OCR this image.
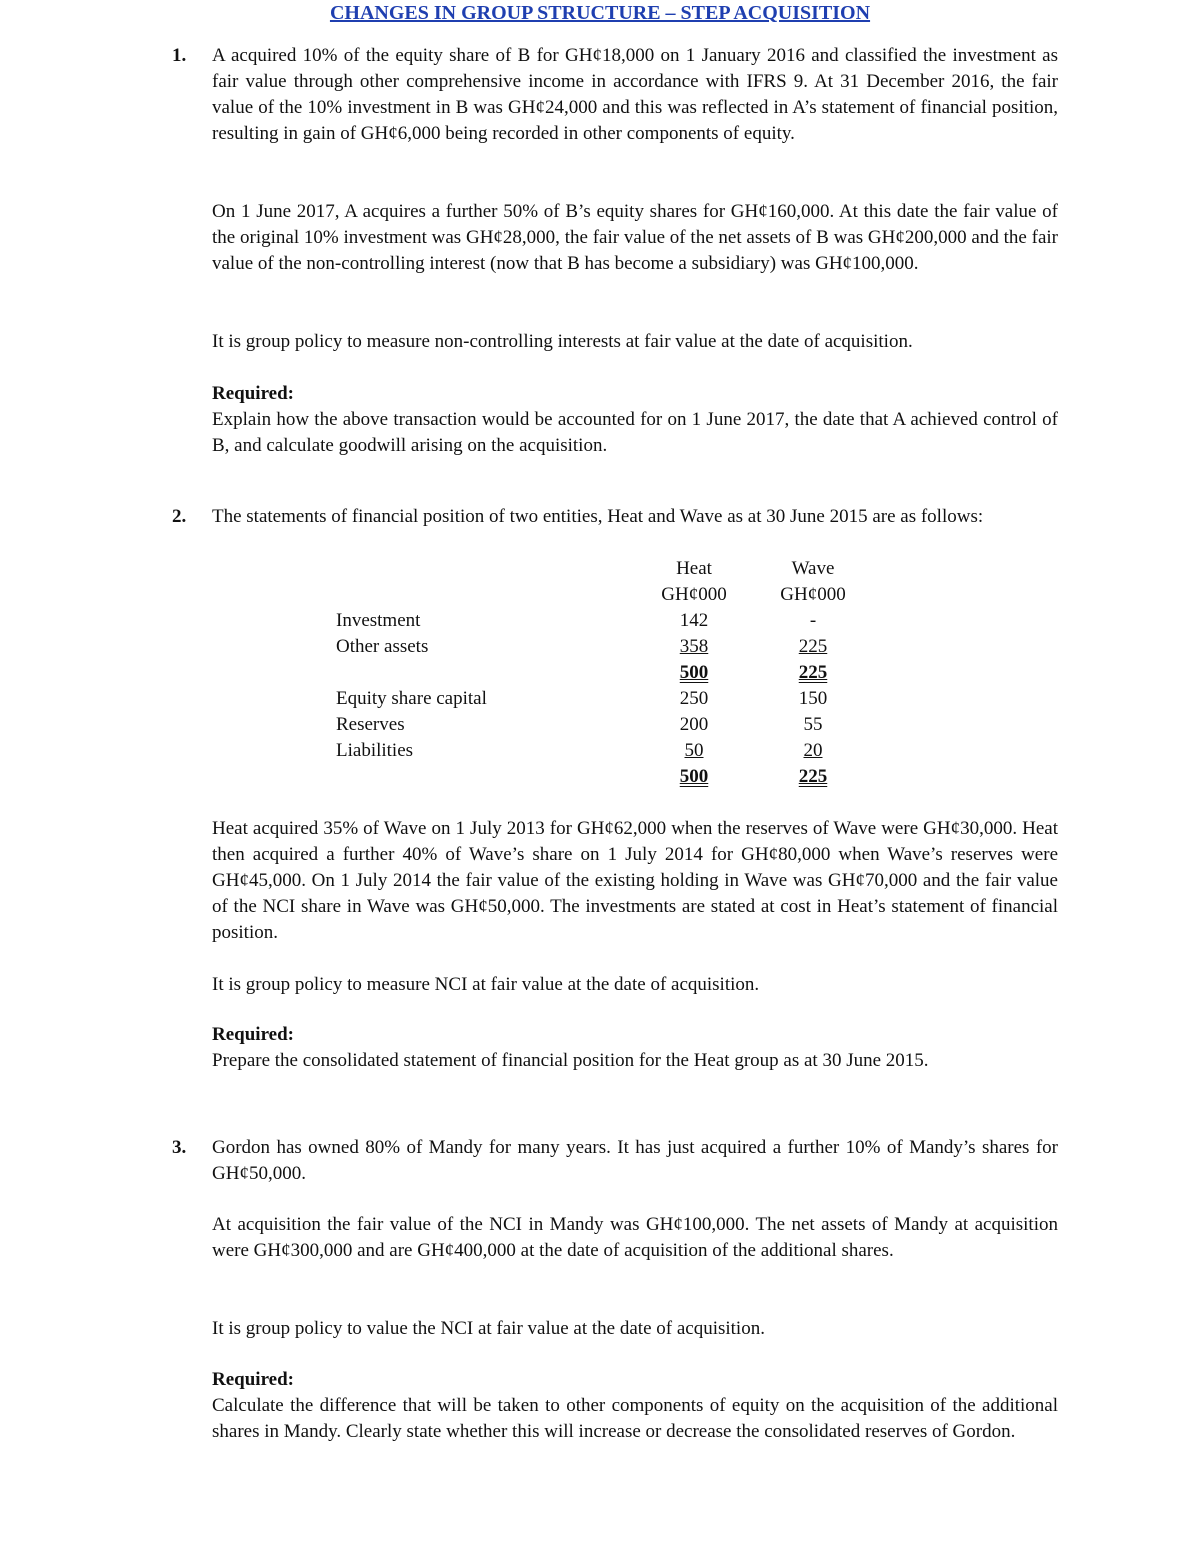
CHANGES IN GROUP STRUCTURE – STEP ACQUISITION
1. A acquired 10% of the equity share of B for GH¢18,000 on 1 January 2016 and classified the investment as fair value through other comprehensive income in accordance with IFRS 9. At 31 December 2016, the fair value of the 10% investment in B was GH¢24,000 and this was reflected in A’s statement of financial position, resulting in gain of GH¢6,000 being recorded in other components of equity.
On 1 June 2017, A acquires a further 50% of B’s equity shares for GH¢160,000. At this date the fair value of the original 10% investment was GH¢28,000, the fair value of the net assets of B was GH¢200,000 and the fair value of the non-controlling interest (now that B has become a subsidiary) was GH¢100,000.
It is group policy to measure non-controlling interests at fair value at the date of acquisition.
Required:
Explain how the above transaction would be accounted for on 1 June 2017, the date that A achieved control of B, and calculate goodwill arising on the acquisition.
2. The statements of financial position of two entities, Heat and Wave as at 30 June 2015 are as follows:
Heat	Wave
GH¢000	GH¢000
Investment	142	-
Other assets	358	225
500	225
Equity share capital	250	150
Reserves	200	55
Liabilities	50	20
500	225
Heat acquired 35% of Wave on 1 July 2013 for GH¢62,000 when the reserves of Wave were GH¢30,000. Heat then acquired a further 40% of Wave’s share on 1 July 2014 for GH¢80,000 when Wave’s reserves were GH¢45,000. On 1 July 2014 the fair value of the existing holding in Wave was GH¢70,000 and the fair value of the NCI share in Wave was GH¢50,000. The investments are stated at cost in Heat’s statement of financial position.
It is group policy to measure NCI at fair value at the date of acquisition.
Required:
Prepare the consolidated statement of financial position for the Heat group as at 30 June 2015.
3. Gordon has owned 80% of Mandy for many years. It has just acquired a further 10% of Mandy’s shares for GH¢50,000.
At acquisition the fair value of the NCI in Mandy was GH¢100,000. The net assets of Mandy at acquisition were GH¢300,000 and are GH¢400,000 at the date of acquisition of the additional shares.
It is group policy to value the NCI at fair value at the date of acquisition.
Required:
Calculate the difference that will be taken to other components of equity on the acquisition of the additional shares in Mandy. Clearly state whether this will increase or decrease the consolidated reserves of Gordon.
